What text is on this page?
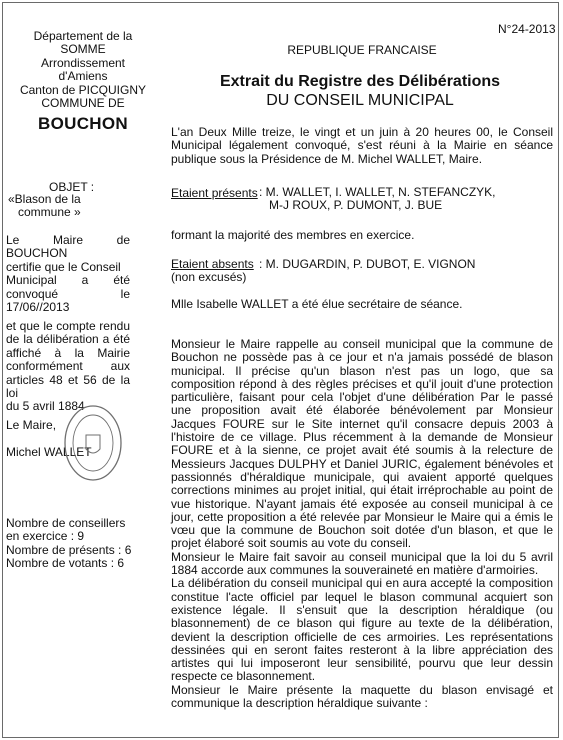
N°24-2013
Département de la
SOMME
Arrondissement
d'Amiens
Canton de PICQUIGNY
COMMUNE DE
BOUCHON
REPUBLIQUE FRANCAISE
Extrait du Registre des Délibérations
DU CONSEIL MUNICIPAL
OBJET :
«Blason de la
commune »
Le Maire de BOUCHON
certifie que le Conseil
Municipal a été
convoqué le
17/06//2013
et que le compte rendu
de la délibération a été
affiché à la Mairie
conformément aux
articles 48 et 56 de la loi
du 5 avril 1884
Le Maire,
Michel WALLET
Nombre de conseillers
en exercice : 9
Nombre de présents : 6
Nombre de votants : 6
L'an Deux Mille treize, le vingt et un juin à 20 heures 00, le Conseil
Municipal légalement convoqué, s'est réuni à la Mairie en séance
publique sous la Présidence de M. Michel WALLET, Maire.
Etaient présents : M. WALLET, I. WALLET, N. STEFANCZYK,
M-J ROUX, P. DUMONT, J. BUE
formant la majorité des membres en exercice.
Etaient absents : M. DUGARDIN, P. DUBOT, E. VIGNON
(non excusés)
Mlle Isabelle WALLET a été élue secrétaire de séance.
Monsieur le Maire rappelle au conseil municipal que la commune de
Bouchon ne possède pas à ce jour et n'a jamais possédé de blason
municipal. Il précise qu'un blason n'est pas un logo, que sa
composition répond à des règles précises et qu'il jouit d'une protection
particulière, faisant pour cela l'objet d'une délibération Par le passé
une proposition avait été élaborée bénévolement par Monsieur
Jacques FOURE sur le Site internet qu'il consacre depuis 2003 à
l'histoire de ce village. Plus récemment à la demande de Monsieur
FOURE et à la sienne, ce projet avait été soumis à la relecture de
Messieurs Jacques DULPHY et Daniel JURIC, également bénévoles et
passionnés d'héraldique municipale, qui avaient apporté quelques
corrections minimes au projet initial, qui était irréprochable au point de
vue historique. N'ayant jamais été exposée au conseil municipal à ce
jour, cette proposition a été relevée par Monsieur le Maire qui a émis le
vœu que la commune de Bouchon soit dotée d'un blason, et que le
projet élaboré soit soumis au vote du conseil.
Monsieur le Maire fait savoir au conseil municipal que la loi du 5 avril
1884 accorde aux communes la souveraineté en matière d'armoiries.
La délibération du conseil municipal qui en aura accepté la composition
constitue l'acte officiel par lequel le blason communal acquiert son
existence légale. Il s'ensuit que la description héraldique (ou
blasonnement) de ce blason qui figure au texte de la délibération,
devient la description officielle de ces armoiries. Les représentations
dessinées qui en seront faites resteront à la libre appréciation des
artistes qui lui imposeront leur sensibilité, pourvu que leur dessin
respecte ce blasonnement.
Monsieur le Maire présente la maquette du blason envisagé et
communique la description héraldique suivante :
